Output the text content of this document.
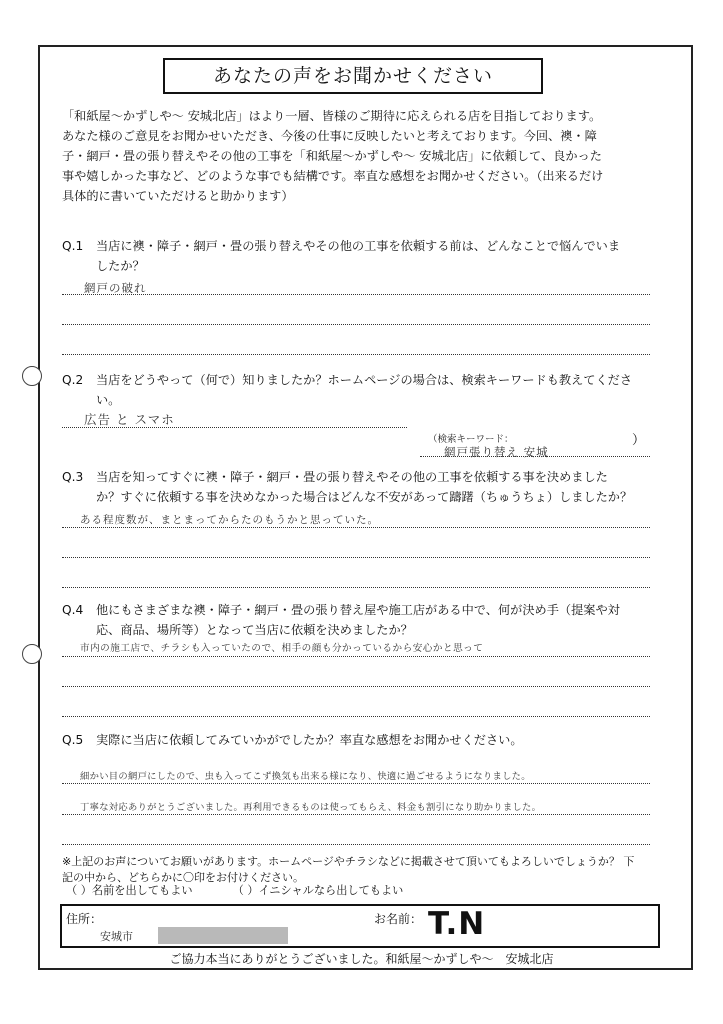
あなたの声をお聞かせください
「和紙屋〜かずしや〜 安城北店」はより一層、皆様のご期待に応えられる店を目指しております。
あなた様のご意見をお聞かせいただき、今後の仕事に反映したいと考えております。今回、襖・障
子・網戸・畳の張り替えやその他の工事を「和紙屋〜かずしや〜 安城北店」に依頼して、良かった
事や嬉しかった事など、どのような事でも結構です。率直な感想をお聞かせください。（出来るだけ
具体的に書いていただけると助かります）
Q.1	当店に襖・障子・網戸・畳の張り替えやその他の工事を依頼する前は、どんなことで悩んでいま
したか？
網戸の破れ
Q.2	当店をどうやって（何で）知りましたか？ホームページの場合は、検索キーワードも教えてくださ
い。
広告 と スマホ
（検索キーワード：
網戸張り替え 安城
）
Q.3	当店を知ってすぐに襖・障子・網戸・畳の張り替えやその他の工事を依頼する事を決めました
か？すぐに依頼する事を決めなかった場合はどんな不安があって躊躇（ちゅうちょ）しましたか？
ある程度数が、まとまってからたのもうかと思っていた。
Q.4	他にもさまざまな襖・障子・網戸・畳の張り替え屋や施工店がある中で、何が決め手（提案や対
応、商品、場所等）となって当店に依頼を決めましたか？
市内の施工店で、チラシも入っていたので、相手の顔も分かっているから安心かと思って
Q.5	実際に当店に依頼してみていかがでしたか？率直な感想をお聞かせください。
細かい目の網戸にしたので、虫も入ってこず換気も出来る様になり、快適に過ごせるようになりました。
丁寧な対応ありがとうございました。再利用できるものは使ってもらえ、料金も割引になり助かりました。
※上記のお声についてお願いがあります。ホームページやチラシなどに掲載させて頂いてもよろしいでしょうか？ 下
記の中から、どちらかに〇印をお付けください。
（ ）名前を出してもよい	（ ）イニシャルなら出してもよい
住所：
安城市
お名前： T.N
ご協力本当にありがとうございました。和紙屋〜かずしや〜　安城北店
